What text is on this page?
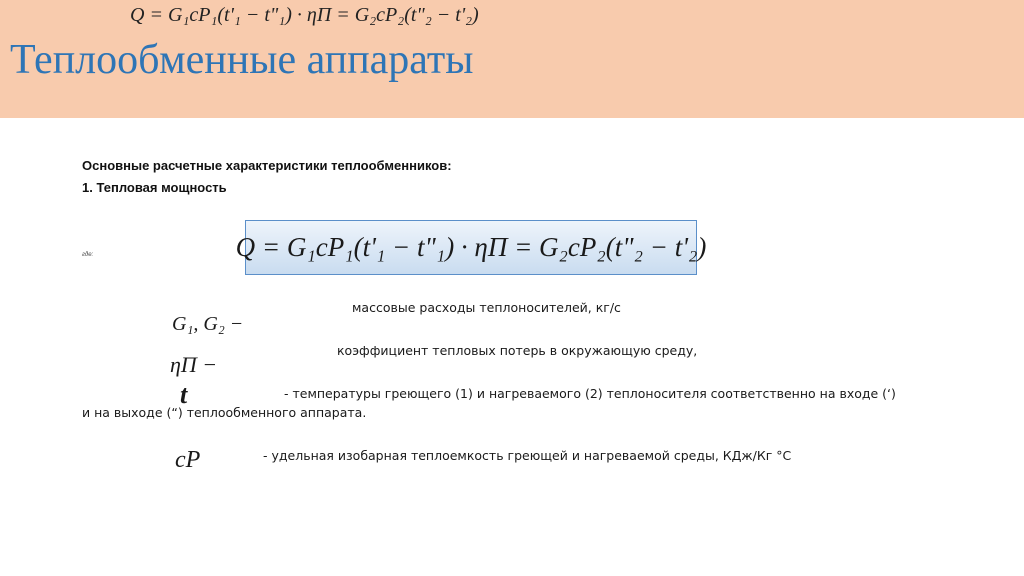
Q = G₁cP₁(t'₁ − t"₁) · ηП = G₂cP₂(t"₂ − t'₂)
Теплообменные аппараты
Основные расчетные характеристики теплообменников:
1. Тепловая мощность
Q = G₁cP₁(t'₁ − t"₁) · ηП = G₂cP₂(t"₂ − t'₂)
где:
G₁, G₂ −
массовые расходы теплоносителей, кг/с
ηП −
коэффициент тепловых потерь в окружающую среду,
t	- температуры греющего (1) и нагреваемого (2) теплоносителя соответственно на входе (‘)
и на выходе (“) теплообменного аппарата.
cP	- удельная изобарная теплоемкость греющей и нагреваемой среды, КДж/Кг °С
